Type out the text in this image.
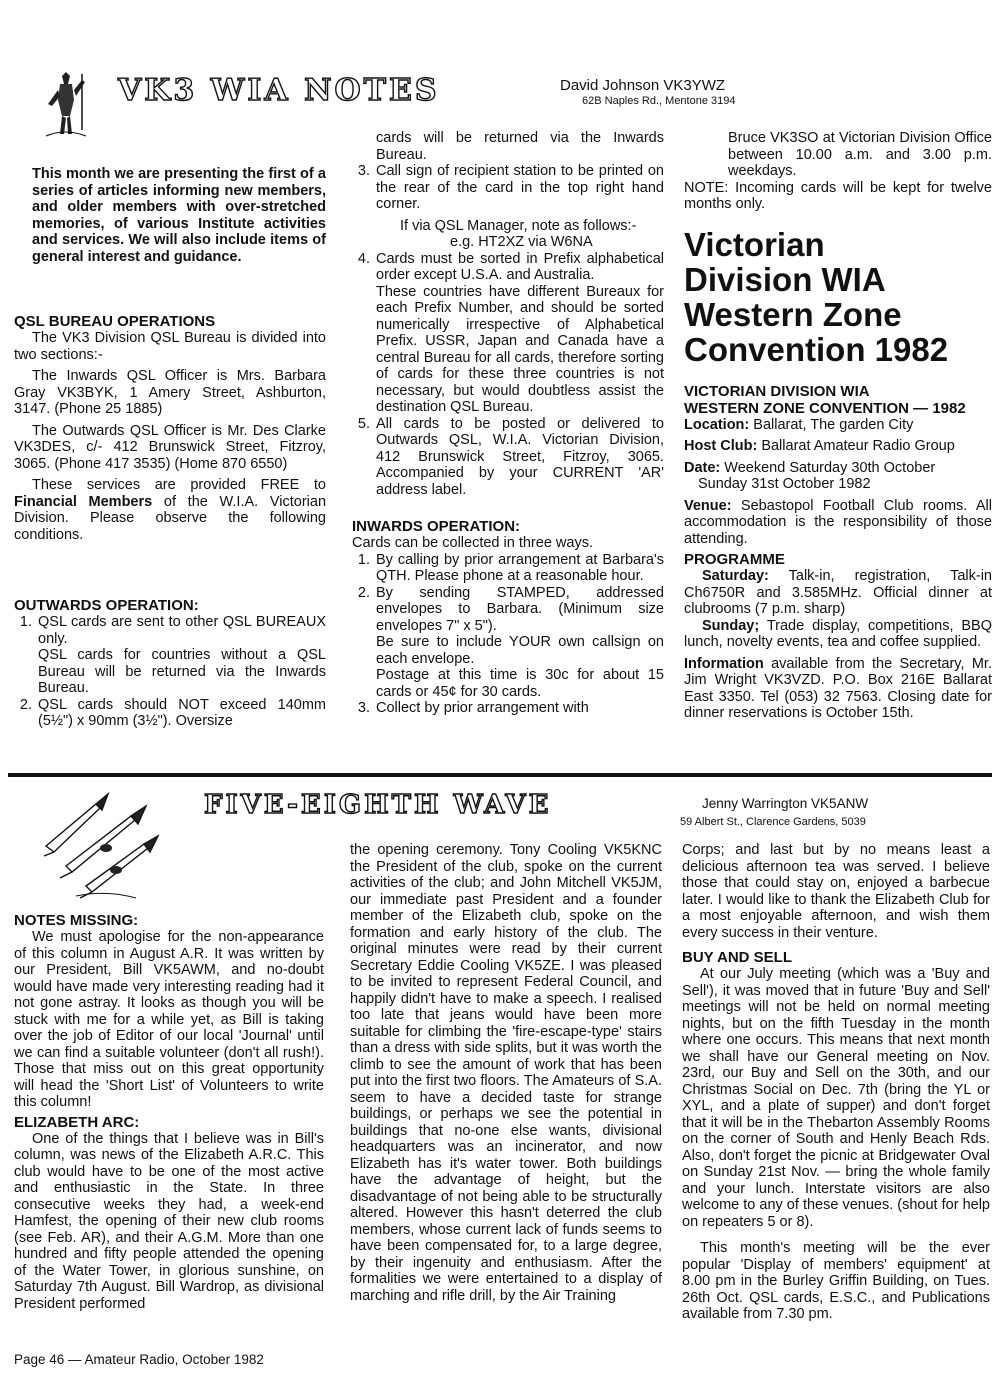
VK3 WIA NOTES	David Johnson VK3YWZ
62B Naples Rd., Mentone 3194

This month we are presenting the first of a series of articles informing new members, and older members with over-stretched memories, of various Institute activities and services. We will also include items of general interest and guidance.

QSL BUREAU OPERATIONS

The VK3 Division QSL Bureau is divided into two sections:-

The Inwards QSL Officer is Mrs. Barbara Gray VK3BYK, 1 Amery Street, Ashburton, 3147. (Phone 25 1885)

The Outwards QSL Officer is Mr. Des Clarke VK3DES, c/- 412 Brunswick Street, Fitzroy, 3065. (Phone 417 3535) (Home 870 6550)

These services are provided FREE to Financial Members of the W.I.A. Victorian Division. Please observe the following conditions.

OUTWARDS OPERATION:

1. QSL cards are sent to other QSL BUREAUX only.
QSL cards for countries without a QSL Bureau will be returned via the Inwards Bureau.
2. QSL cards should NOT exceed 140mm (5½") x 90mm (3½"). Oversize

cards will be returned via the Inwards Bureau.

3. Call sign of recipient station to be printed on the rear of the card in the top right hand corner.

If via QSL Manager, note as follows:-

e.g. HT2XZ via W6NA

4. Cards must be sorted in Prefix alphabetical order except U.S.A. and Australia.
These countries have different Bureaux for each Prefix Number, and should be sorted numerically irrespective of Alphabetical Prefix. USSR, Japan and Canada have a central Bureau for all cards, therefore sorting of cards for these three countries is not necessary, but would doubtless assist the destination QSL Bureau.
5. All cards to be posted or delivered to Outwards QSL, W.I.A. Victorian Division, 412 Brunswick Street, Fitzroy, 3065. Accompanied by your CURRENT 'AR' address label.

INWARDS OPERATION:

Cards can be collected in three ways.

1. By calling by prior arrangement at Barbara's QTH. Please phone at a reasonable hour.
2. By sending STAMPED, addressed envelopes to Barbara. (Minimum size envelopes 7" x 5").
Be sure to include YOUR own callsign on each envelope.
Postage at this time is 30c for about 15 cards or 45¢ for 30 cards.
3. Collect by prior arrangement with

Bruce VK3SO at Victorian Division Office between 10.00 a.m. and 3.00 p.m. weekdays.

NOTE: Incoming cards will be kept for twelve months only.

Victorian
Division WIA
Western Zone
Convention 1982

VICTORIAN DIVISION WIA
WESTERN ZONE CONVENTION — 1982

Location: Ballarat, The garden City

Host Club: Ballarat Amateur Radio Group

Date: Weekend Saturday 30th October
Sunday 31st October 1982

Venue: Sebastopol Football Club rooms. All accommodation is the responsibility of those attending.

PROGRAMME

Saturday: Talk-in, registration, Talk-in Ch6750R and 3.585MHz. Official dinner at clubrooms (7 p.m. sharp)

Sunday; Trade display, competitions, BBQ lunch, novelty events, tea and coffee supplied.

Information available from the Secretary, Mr. Jim Wright VK3VZD. P.O. Box 216E Ballarat East 3350. Tel (053) 32 7563. Closing date for dinner reservations is October 15th.

FIVE-EIGHTH WAVE	Jenny Warrington VK5ANW
59 Albert St., Clarence Gardens, 5039

NOTES MISSING:

We must apologise for the non-appearance of this column in August A.R. It was written by our President, Bill VK5AWM, and no-doubt would have made very interesting reading had it not gone astray. It looks as though you will be stuck with me for a while yet, as Bill is taking over the job of Editor of our local 'Journal' until we can find a suitable volunteer (don't all rush!). Those that miss out on this great opportunity will head the 'Short List' of Volunteers to write this column!

ELIZABETH ARC:

One of the things that I believe was in Bill's column, was news of the Elizabeth A.R.C. This club would have to be one of the most active and enthusiastic in the State. In three consecutive weeks they had, a week-end Hamfest, the opening of their new club rooms (see Feb. AR), and their A.G.M. More than one hundred and fifty people attended the opening of the Water Tower, in glorious sunshine, on Saturday 7th August. Bill Wardrop, as divisional President performed

the opening ceremony. Tony Cooling VK5KNC the President of the club, spoke on the current activities of the club; and John Mitchell VK5JM, our immediate past President and a founder member of the Elizabeth club, spoke on the formation and early history of the club. The original minutes were read by their current Secretary Eddie Cooling VK5ZE. I was pleased to be invited to represent Federal Council, and happily didn't have to make a speech. I realised too late that jeans would have been more suitable for climbing the 'fire-escape-type' stairs than a dress with side splits, but it was worth the climb to see the amount of work that has been put into the first two floors. The Amateurs of S.A. seem to have a decided taste for strange buildings, or perhaps we see the potential in buildings that no-one else wants, divisional headquarters was an incinerator, and now Elizabeth has it's water tower. Both buildings have the advantage of height, but the disadvantage of not being able to be structurally altered. However this hasn't deterred the club members, whose current lack of funds seems to have been compensated for, to a large degree, by their ingenuity and enthusiasm. After the formalities we were entertained to a display of marching and rifle drill, by the Air Training

Corps; and last but by no means least a delicious afternoon tea was served. I believe those that could stay on, enjoyed a barbecue later. I would like to thank the Elizabeth Club for a most enjoyable afternoon, and wish them every success in their venture.

BUY AND SELL

At our July meeting (which was a 'Buy and Sell'), it was moved that in future 'Buy and Sell' meetings will not be held on normal meeting nights, but on the fifth Tuesday in the month where one occurs. This means that next month we shall have our General meeting on Nov. 23rd, our Buy and Sell on the 30th, and our Christmas Social on Dec. 7th (bring the YL or XYL, and a plate of supper) and don't forget that it will be in the Thebarton Assembly Rooms on the corner of South and Henly Beach Rds. Also, don't forget the picnic at Bridgewater Oval on Sunday 21st Nov. — bring the whole family and your lunch. Interstate visitors are also welcome to any of these venues. (shout for help on repeaters 5 or 8).

This month's meeting will be the ever popular 'Display of members' equipment' at 8.00 pm in the Burley Griffin Building, on Tues. 26th Oct. QSL cards, E.S.C., and Publications available from 7.30 pm.

Page 46 — Amateur Radio, October 1982
